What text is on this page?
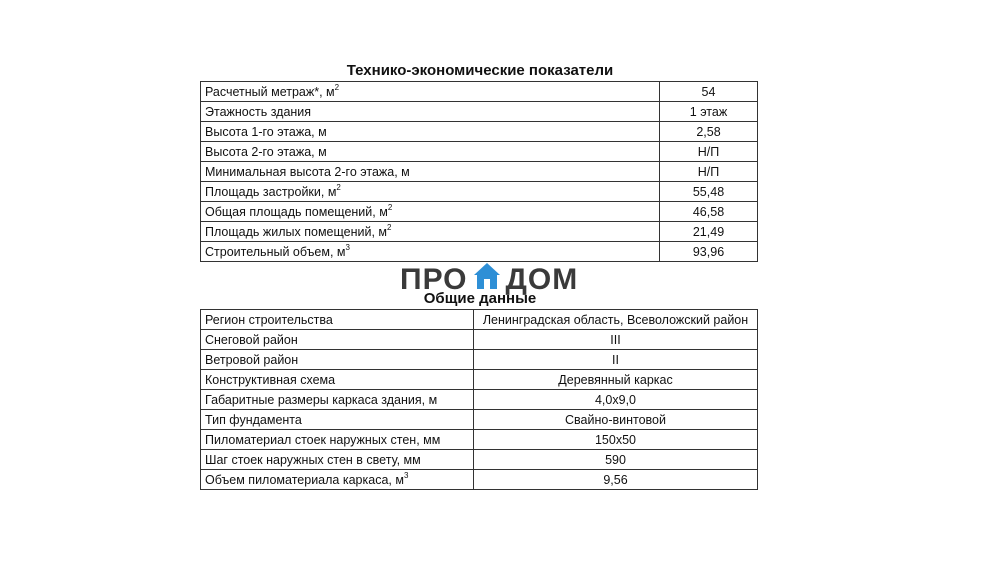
Технико-экономические показатели
Расчетный метраж*, $м^2$	54
Этажность здания	1 этаж
Высота 1-го этажа, м	2,58
Высота 2-го этажа, м	Н/П
Минимальная высота 2-го этажа, м	Н/П
Площадь застройки, $м^2$	55,48
Общая площадь помещений, $м^2$	46,58
Площадь жилых помещений, $м^2$	21,49
Строительный объем, $м^3$	93,96
ПРО ДОМ
Общие данные
Регион строительства	Ленинградская область, Всеволожский район
Снеговой район	III
Ветровой район	II
Конструктивная схема	Деревянный каркас
Габаритные размеры каркаса здания, м	4,0х9,0
Тип фундамента	Свайно-винтовой
Пиломатериал стоек наружных стен, мм	150х50
Шаг стоек наружных стен в свету, мм	590
Объем пиломатериала каркаса, $м^3$	9,56
